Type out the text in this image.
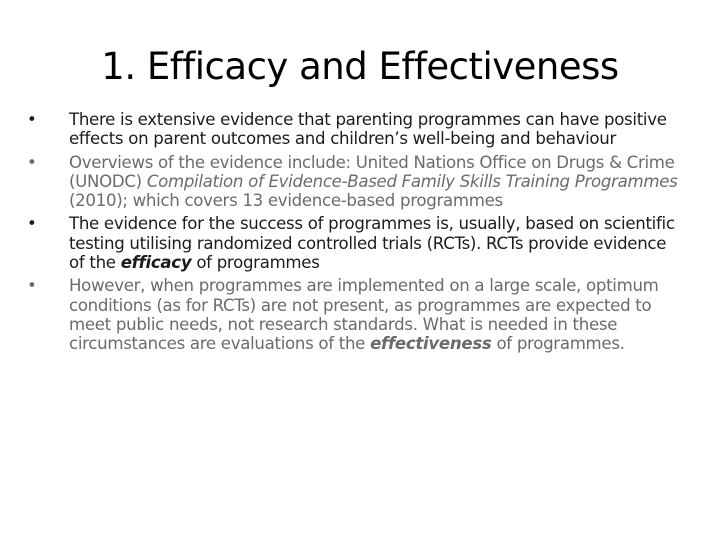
1. Efficacy and Effectiveness
•	There is extensive evidence that parenting programmes can have positive effects on parent outcomes and children’s well-being and behaviour
•	Overviews of the evidence include: United Nations Office on Drugs & Crime (UNODC) Compilation of Evidence-Based Family Skills Training Programmes (2010); which covers 13 evidence-based programmes
•	The evidence for the success of programmes is, usually, based on scientific testing utilising randomized controlled trials (RCTs). RCTs provide evidence of the efficacy of programmes
•	However, when programmes are implemented on a large scale, optimum conditions (as for RCTs) are not present, as programmes are expected to meet public needs, not research standards. What is needed in these circumstances are evaluations of the effectiveness of programmes.
